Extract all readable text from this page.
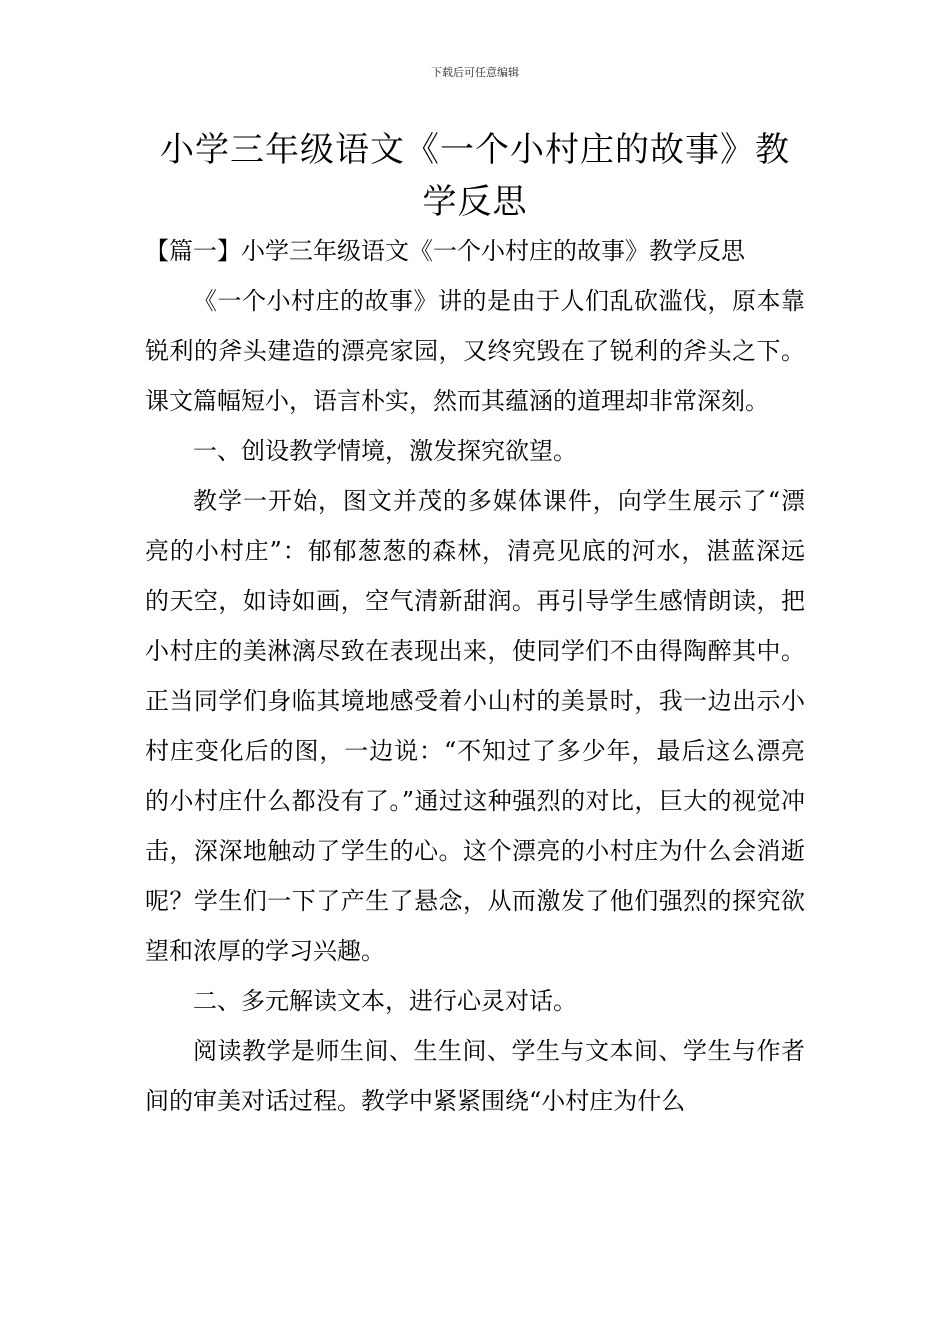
下载后可任意编辑
小学三年级语文《一个小村庄的故事》教学反思

【篇一】小学三年级语文《一个小村庄的故事》教学反思

《一个小村庄的故事》讲的是由于人们乱砍滥伐，原本靠锐利的斧头建造的漂亮家园，又终究毁在了锐利的斧头之下。课文篇幅短小，语言朴实，然而其蕴涵的道理却非常深刻。

一、创设教学情境，激发探究欲望。

教学一开始，图文并茂的多媒体课件，向学生展示了“漂亮的小村庄”：郁郁葱葱的森林，清亮见底的河水，湛蓝深远的天空，如诗如画，空气清新甜润。再引导学生感情朗读，把小村庄的美淋漓尽致在表现出来，使同学们不由得陶醉其中。正当同学们身临其境地感受着小山村的美景时，我一边出示小村庄变化后的图，一边说：“不知过了多少年，最后这么漂亮的小村庄什么都没有了。”通过这种强烈的对比，巨大的视觉冲击，深深地触动了学生的心。这个漂亮的小村庄为什么会消逝呢？学生们一下了产生了悬念，从而激发了他们强烈的探究欲望和浓厚的学习兴趣。

二、多元解读文本，进行心灵对话。

阅读教学是师生间、生生间、学生与文本间、学生与作者间的审美对话过程。教学中紧紧围绕“小村庄为什么
